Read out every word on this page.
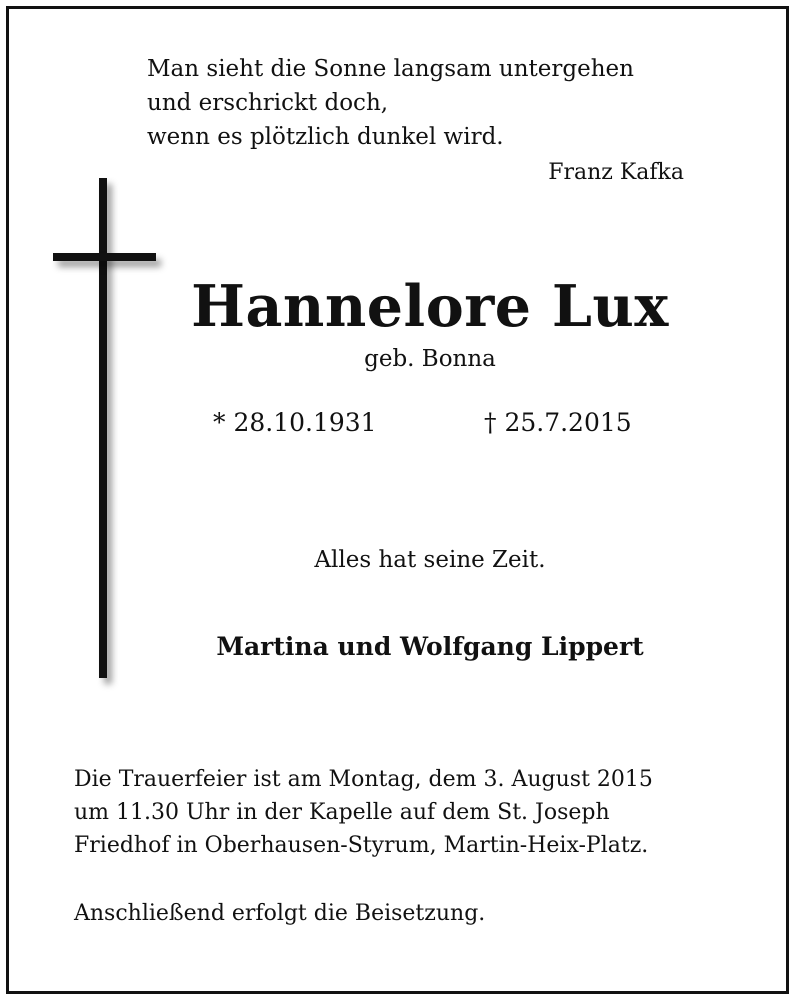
Man sieht die Sonne langsam untergehen
und erschrickt doch,
wenn es plötzlich dunkel wird.
Franz Kafka
Hannelore Lux
geb. Bonna
* 28.10.1931	† 25.7.2015
Alles hat seine Zeit.
Martina und Wolfgang Lippert
Die Trauerfeier ist am Montag, dem 3. August 2015
um 11.30 Uhr in der Kapelle auf dem St. Joseph
Friedhof in Oberhausen-Styrum, Martin-Heix-Platz.
Anschließend erfolgt die Beisetzung.
